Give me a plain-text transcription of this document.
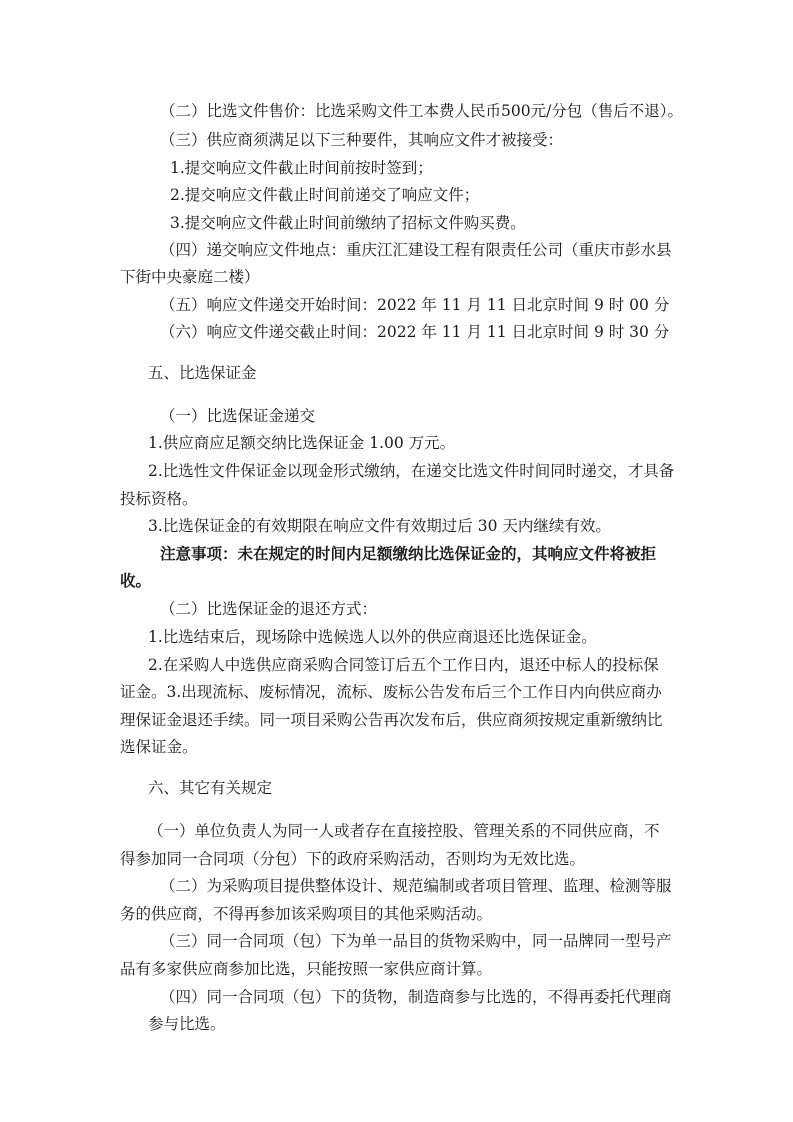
（二）比选文件售价：比选采购文件工本费人民币500元/分包（售后不退）。
（三）供应商须满足以下三种要件，其响应文件才被接受：
1.提交响应文件截止时间前按时签到；
2.提交响应文件截止时间前递交了响应文件；
3.提交响应文件截止时间前缴纳了招标文件购买费。
（四）递交响应文件地点：重庆江汇建设工程有限责任公司（重庆市彭水县
下街中央豪庭二楼）
（五）响应文件递交开始时间：2022 年 11 月 11 日北京时间 9 时 00 分
（六）响应文件递交截止时间：2022 年 11 月 11 日北京时间 9 时 30 分
五、比选保证金
（一）比选保证金递交
1.供应商应足额交纳比选保证金 1.00 万元。
2.比选性文件保证金以现金形式缴纳，在递交比选文件时间同时递交，才具备
投标资格。
3.比选保证金的有效期限在响应文件有效期过后 30 天内继续有效。
注意事项：未在规定的时间内足额缴纳比选保证金的，其响应文件将被拒
收。
（二）比选保证金的退还方式：
1.比选结束后，现场除中选候选人以外的供应商退还比选保证金。
2.在采购人中选供应商采购合同签订后五个工作日内，退还中标人的投标保
证金。3.出现流标、废标情况，流标、废标公告发布后三个工作日内向供应商办
理保证金退还手续。同一项目采购公告再次发布后，供应商须按规定重新缴纳比
选保证金。
六、其它有关规定
（一）单位负责人为同一人或者存在直接控股、管理关系的不同供应商，不
得参加同一合同项（分包）下的政府采购活动，否则均为无效比选。
（二）为采购项目提供整体设计、规范编制或者项目管理、监理、检测等服
务的供应商，不得再参加该采购项目的其他采购活动。
（三）同一合同项（包）下为单一品目的货物采购中，同一品牌同一型号产
品有多家供应商参加比选，只能按照一家供应商计算。
（四）同一合同项（包）下的货物，制造商参与比选的，不得再委托代理商
参与比选。
